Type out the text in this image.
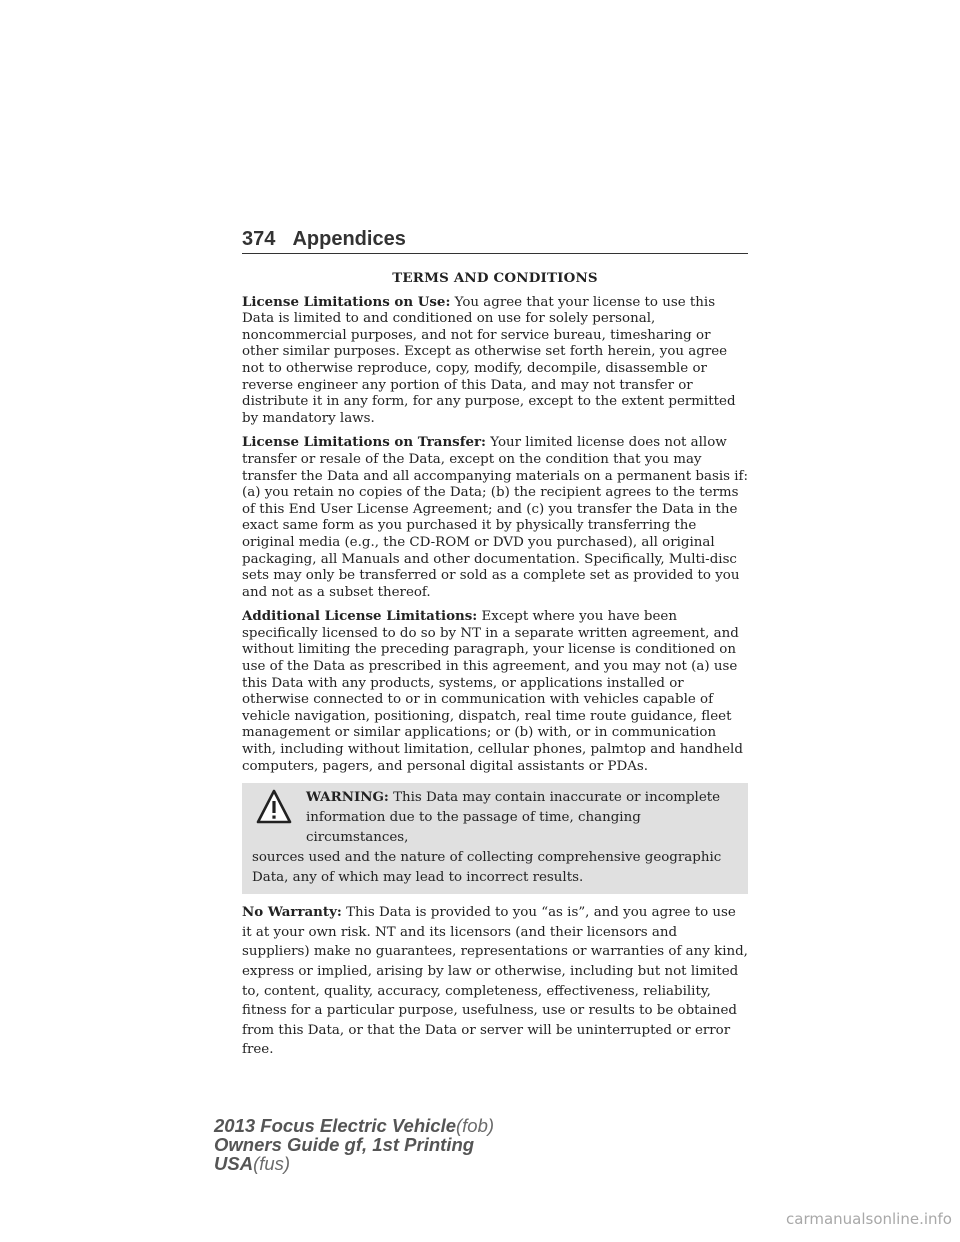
374 Appendices
TERMS AND CONDITIONS

License Limitations on Use: You agree that your license to use this Data is limited to and conditioned on use for solely personal, noncommercial purposes, and not for service bureau, timesharing or other similar purposes. Except as otherwise set forth herein, you agree not to otherwise reproduce, copy, modify, decompile, disassemble or reverse engineer any portion of this Data, and may not transfer or distribute it in any form, for any purpose, except to the extent permitted by mandatory laws.

License Limitations on Transfer: Your limited license does not allow transfer or resale of the Data, except on the condition that you may transfer the Data and all accompanying materials on a permanent basis if: (a) you retain no copies of the Data; (b) the recipient agrees to the terms of this End User License Agreement; and (c) you transfer the Data in the exact same form as you purchased it by physically transferring the original media (e.g., the CD-ROM or DVD you purchased), all original packaging, all Manuals and other documentation. Specifically, Multi-disc sets may only be transferred or sold as a complete set as provided to you and not as a subset thereof.

Additional License Limitations: Except where you have been specifically licensed to do so by NT in a separate written agreement, and without limiting the preceding paragraph, your license is conditioned on use of the Data as prescribed in this agreement, and you may not (a) use this Data with any products, systems, or applications installed or otherwise connected to or in communication with vehicles capable of vehicle navigation, positioning, dispatch, real time route guidance, fleet management or similar applications; or (b) with, or in communication with, including without limitation, cellular phones, palmtop and handheld computers, pagers, and personal digital assistants or PDAs.

WARNING: This Data may contain inaccurate or incomplete information due to the passage of time, changing circumstances,
sources used and the nature of collecting comprehensive geographic Data, any of which may lead to incorrect results.

No Warranty: This Data is provided to you “as is”, and you agree to use it at your own risk. NT and its licensors (and their licensors and suppliers) make no guarantees, representations or warranties of any kind, express or implied, arising by law or otherwise, including but not limited to, content, quality, accuracy, completeness, effectiveness, reliability, fitness for a particular purpose, usefulness, use or results to be obtained from this Data, or that the Data or server will be uninterrupted or error free.

2013 Focus Electric Vehicle(fob)
Owners Guide gf, 1st Printing
USA(fus)
carmanualsonline.info
